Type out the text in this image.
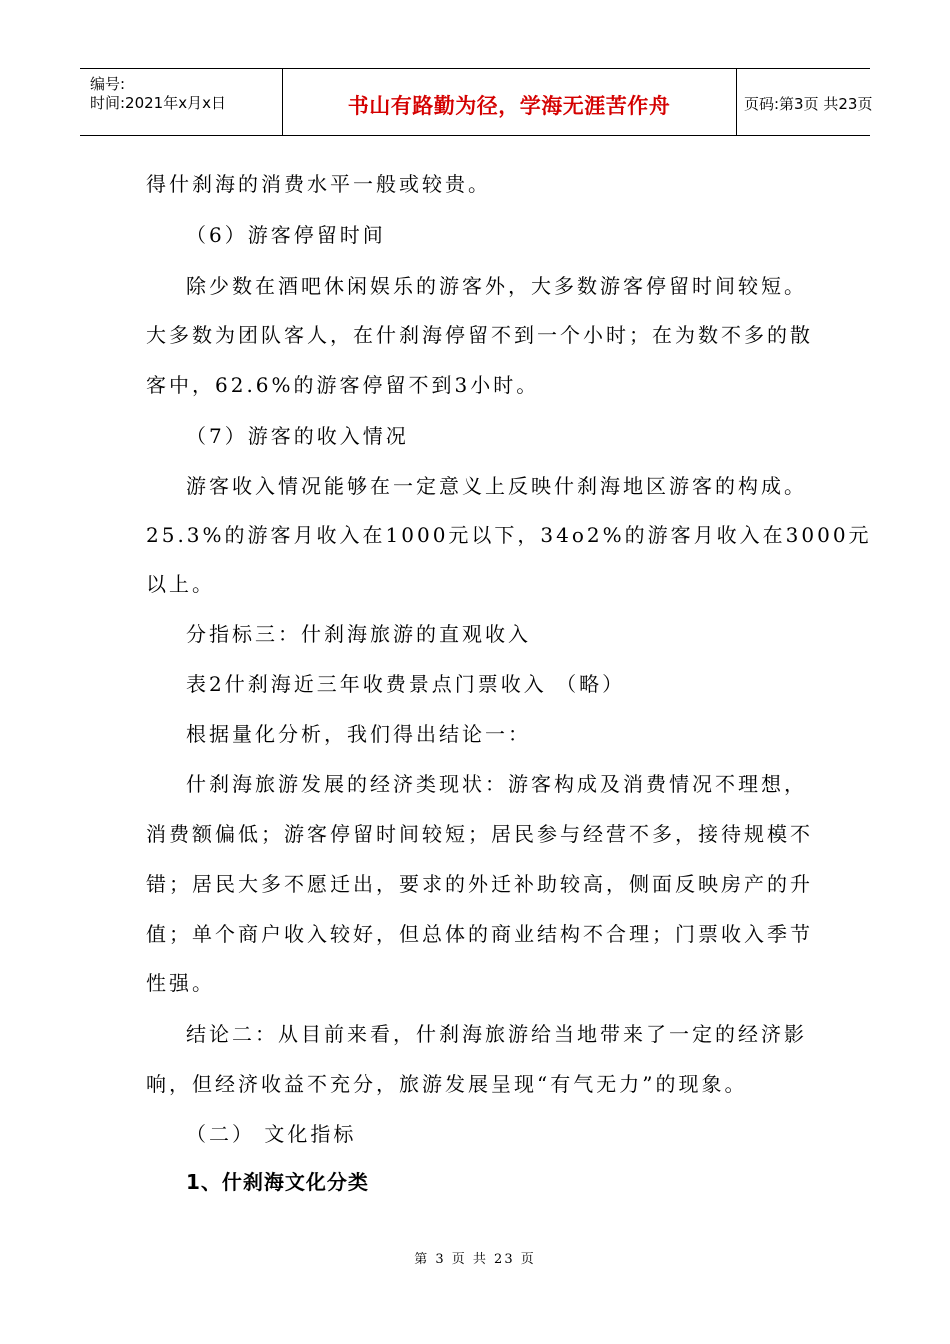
编号:
时间:2021年x月x日	书山有路勤为径，学海无涯苦作舟	页码:第3页 共23页
得什刹海的消费水平一般或较贵。
（6）游客停留时间
除少数在酒吧休闲娱乐的游客外，大多数游客停留时间较短。
大多数为团队客人，在什刹海停留不到一个小时；在为数不多的散
客中，62.6%的游客停留不到3小时。
（7）游客的收入情况
游客收入情况能够在一定意义上反映什刹海地区游客的构成。
25.3%的游客月收入在1000元以下，34o2%的游客月收入在3000元
以上。
分指标三：什刹海旅游的直观收入
表2什刹海近三年收费景点门票收入 （略）
根据量化分析，我们得出结论一：
什刹海旅游发展的经济类现状：游客构成及消费情况不理想，
消费额偏低；游客停留时间较短；居民参与经营不多，接待规模不
错；居民大多不愿迁出，要求的外迁补助较高，侧面反映房产的升
值；单个商户收入较好，但总体的商业结构不合理；门票收入季节
性强。
结论二：从目前来看，什刹海旅游给当地带来了一定的经济影
响，但经济收益不充分，旅游发展呈现“有气无力”的现象。
（二） 文化指标
1、什刹海文化分类
第 3 页 共 23 页
